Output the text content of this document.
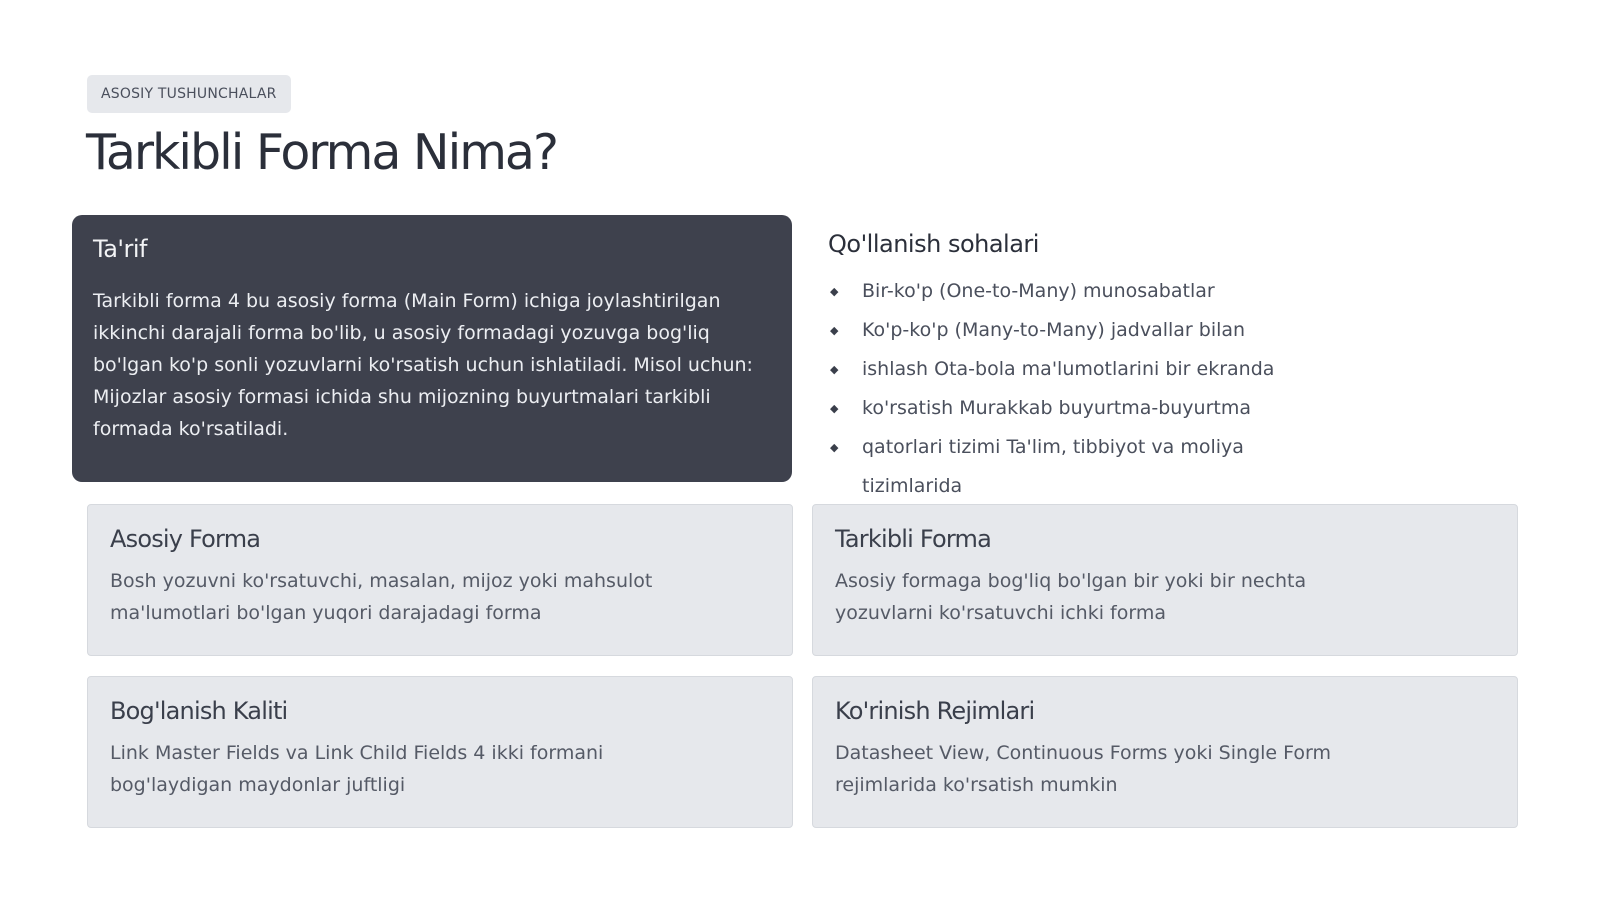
ASOSIY TUSHUNCHALAR
Tarkibli Forma Nima?
Ta'rif

Tarkibli forma 4 bu asosiy forma (Main Form) ichiga joylashtirilgan ikkinchi darajali forma bo'lib, u asosiy formadagi yozuvga bog'liq bo'lgan ko'p sonli yozuvlarni ko'rsatish uchun ishlatiladi. Misol uchun: Mijozlar asosiy formasi ichida shu mijozning buyurtmalari tarkibli formada ko'rsatiladi.

Qo'llanish sohalari
◆ Bir-ko'p (One-to-Many) munosabatlar
◆ Ko'p-ko'p (Many-to-Many) jadvallar bilan
◆ ishlash Ota-bola ma'lumotlarini bir ekranda
◆ ko'rsatish Murakkab buyurtma-buyurtma
◆ qatorlari tizimi Ta'lim, tibbiyot va moliya tizimlarida
Asosiy Forma

Bosh yozuvni ko'rsatuvchi, masalan, mijoz yoki mahsulot ma'lumotlari bo'lgan yuqori darajadagi forma

Tarkibli Forma

Asosiy formaga bog'liq bo'lgan bir yoki bir nechta yozuvlarni ko'rsatuvchi ichki forma

Bog'lanish Kaliti

Link Master Fields va Link Child Fields 4 ikki formani bog'laydigan maydonlar juftligi

Ko'rinish Rejimlari

Datasheet View, Continuous Forms yoki Single Form rejimlarida ko'rsatish mumkin
